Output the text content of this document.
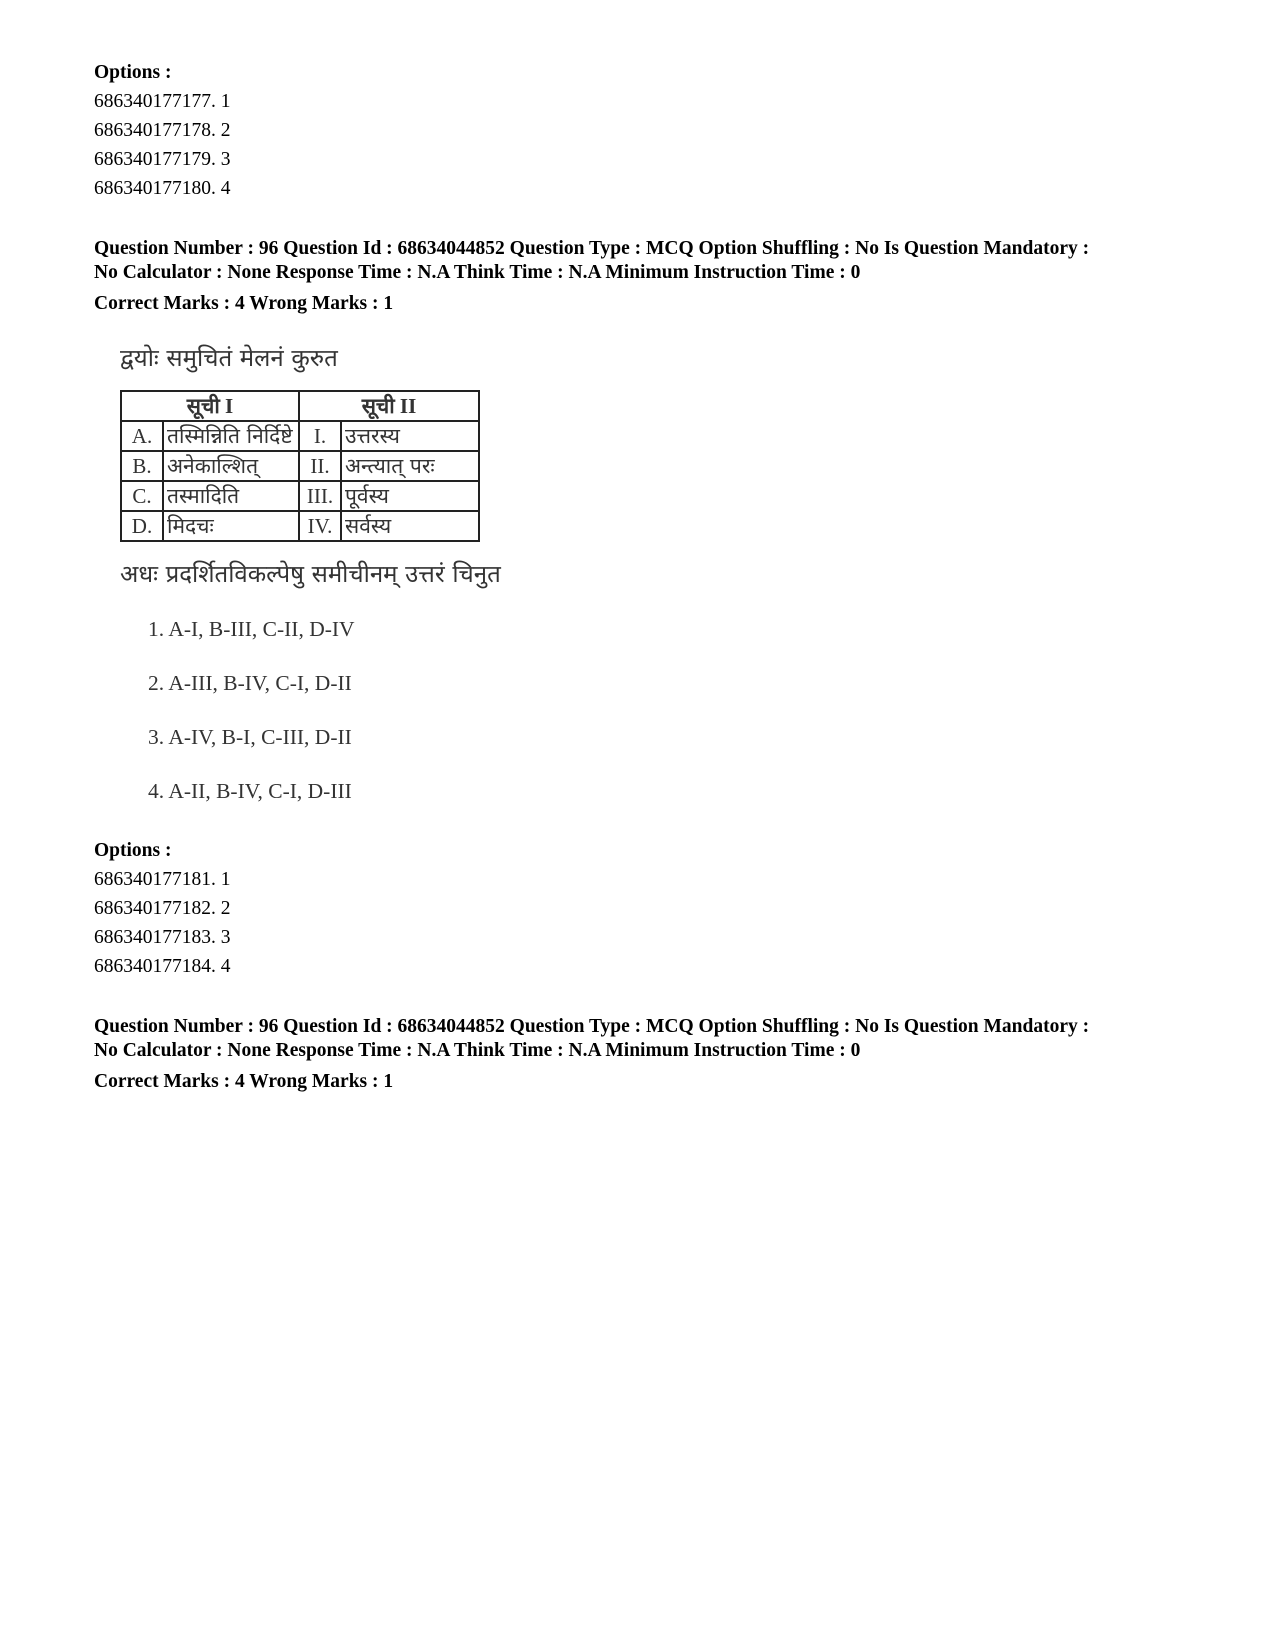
Options :
686340177177. 1
686340177178. 2
686340177179. 3
686340177180. 4
Question Number : 96 Question Id : 68634044852 Question Type : MCQ Option Shuffling : No Is Question Mandatory :
No Calculator : None Response Time : N.A Think Time : N.A Minimum Instruction Time : 0
Correct Marks : 4 Wrong Marks : 1
द्वयोः समुचितं मेलनं कुरुत
सूची I		सूची II	
A.	तस्मिन्निति निर्दिष्टे	I.	उत्तरस्य
B.	अनेकाल्शित्	II.	अन्त्यात् परः
C.	तस्मादिति	III.	पूर्वस्य
D.	मिदचः	IV.	सर्वस्य
अधः प्रदर्शितविकल्पेषु समीचीनम् उत्तरं चिनुत
1. A-I, B-III, C-II, D-IV
2. A-III, B-IV, C-I, D-II
3. A-IV, B-I, C-III, D-II
4. A-II, B-IV, C-I, D-III
Options :
686340177181. 1
686340177182. 2
686340177183. 3
686340177184. 4
Question Number : 96 Question Id : 68634044852 Question Type : MCQ Option Shuffling : No Is Question Mandatory :
No Calculator : None Response Time : N.A Think Time : N.A Minimum Instruction Time : 0
Correct Marks : 4 Wrong Marks : 1
